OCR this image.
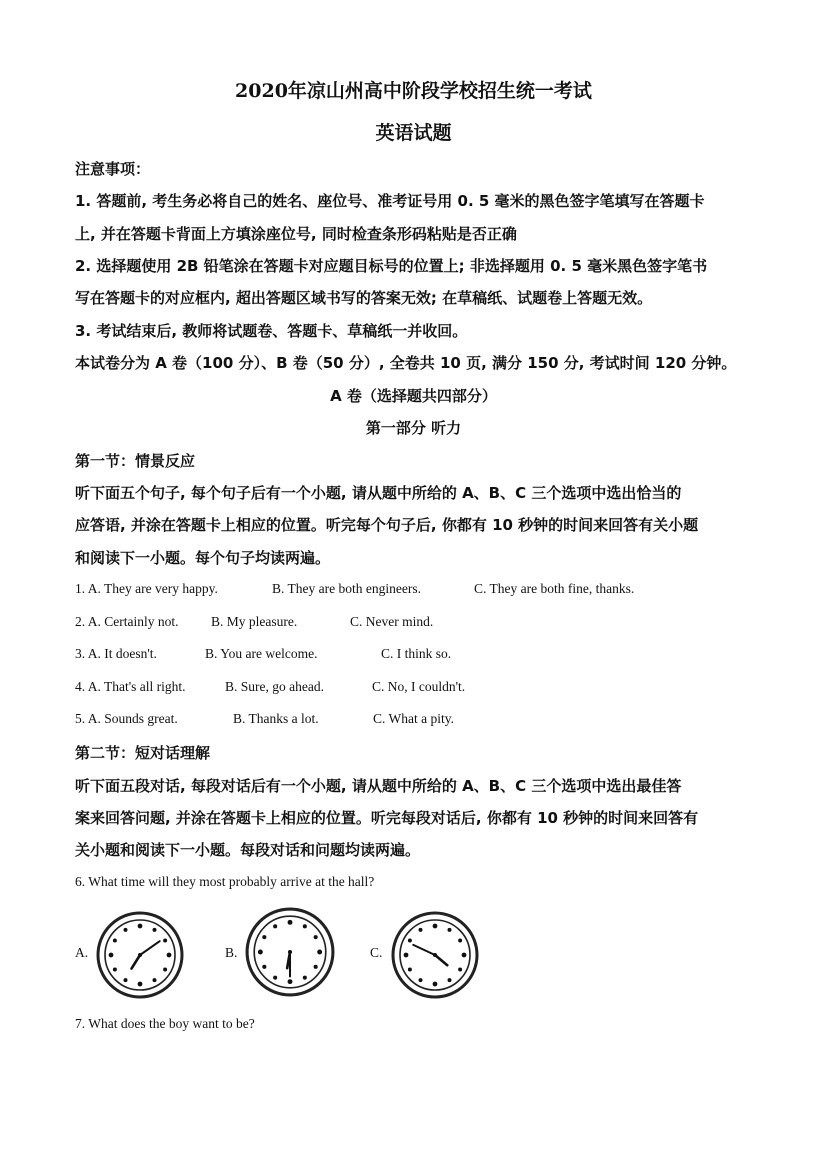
2020年凉山州高中阶段学校招生统一考试
英语试题
注意事项：
1. 答题前, 考生务必将自己的姓名、座位号、准考证号用 0. 5 毫米的黑色签字笔填写在答题卡
上, 并在答题卡背面上方填涂座位号, 同时检查条形码粘贴是否正确
2. 选择题使用 2B 铅笔涂在答题卡对应题目标号的位置上; 非选择题用 0. 5 毫米黑色签字笔书
写在答题卡的对应框内, 超出答题区域书写的答案无效; 在草稿纸、试题卷上答题无效。
3. 考试结束后, 教师将试题卷、答题卡、草稿纸一并收回。
本试卷分为 A 卷（100 分）、B 卷（50 分）, 全卷共 10 页, 满分 150 分, 考试时间 120 分钟。
A 卷（选择题共四部分）
第一部分 听力
第一节：情景反应
听下面五个句子, 每个句子后有一个小题, 请从题中所给的 A、B、C 三个选项中选出恰当的
应答语, 并涂在答题卡上相应的位置。听完每个句子后, 你都有 10 秒钟的时间来回答有关小题
和阅读下一小题。每个句子均读两遍。
1. A. They are very happy.	B. They are both engineers.	C. They are both fine, thanks.
2. A. Certainly not. B. My pleasure.	C. Never mind.
3. A. It doesn't.	B. You are welcome.	C. I think so.
4. A. That's all right.	B. Sure, go ahead.	C. No, I couldn't.
5. A. Sounds great.	B. Thanks a lot.	C. What a pity.
第二节：短对话理解
听下面五段对话, 每段对话后有一个小题, 请从题中所给的 A、B、C 三个选项中选出最佳答
案来回答问题, 并涂在答题卡上相应的位置。听完每段对话后, 你都有 10 秒钟的时间来回答有
关小题和阅读下一小题。每段对话和问题均读两遍。
6. What time will they most probably arrive at the hall?
A.	B.	C.
7. What does the boy want to be?
